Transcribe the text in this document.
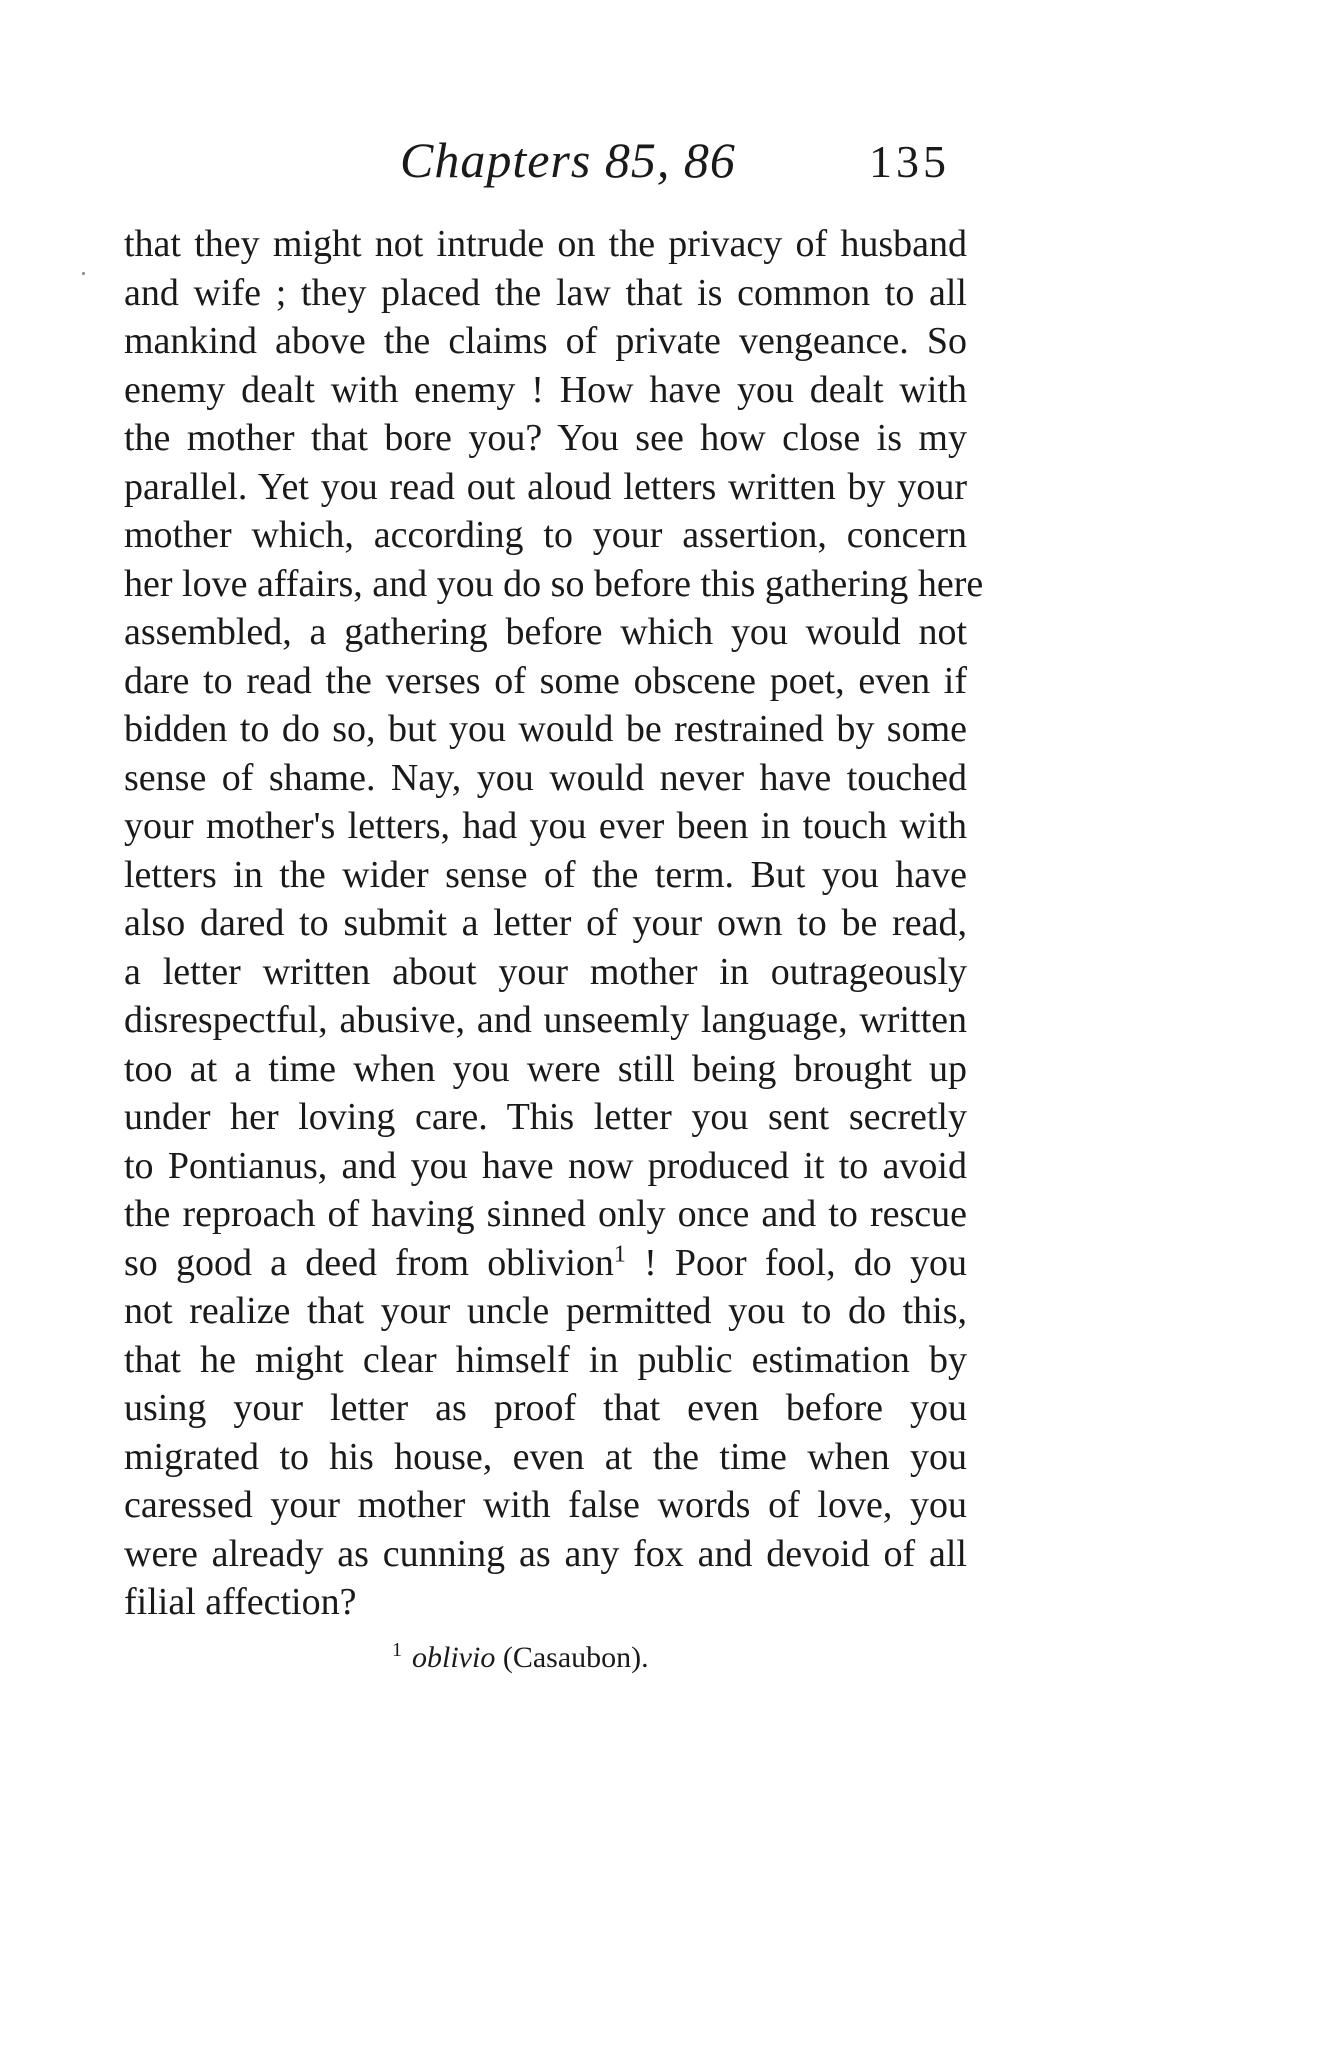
Chapters 85, 86	135
that they might not intrude on the privacy of husband
and wife ; they placed the law that is common to all
mankind above the claims of private vengeance. So
enemy dealt with enemy ! How have you dealt with
the mother that bore you? You see how close is my
parallel. Yet you read out aloud letters written by your
mother which, according to your assertion, concern
her love affairs, and you do so before this gathering here
assembled, a gathering before which you would not
dare to read the verses of some obscene poet, even if
bidden to do so, but you would be restrained by some
sense of shame. Nay, you would never have touched
your mother's letters, had you ever been in touch with
letters in the wider sense of the term. But you have
also dared to submit a letter of your own to be read,
a letter written about your mother in outrageously
disrespectful, abusive, and unseemly language, written
too at a time when you were still being brought up
under her loving care. This letter you sent secretly
to Pontianus, and you have now produced it to avoid
the reproach of having sinned only once and to rescue
so good a deed from oblivion$^1$ ! Poor fool, do you
not realize that your uncle permitted you to do this,
that he might clear himself in public estimation by
using your letter as proof that even before you
migrated to his house, even at the time when you
caressed your mother with false words of love, you
were already as cunning as any fox and devoid of all
filial affection?
$^1$ oblivio (Casaubon).
